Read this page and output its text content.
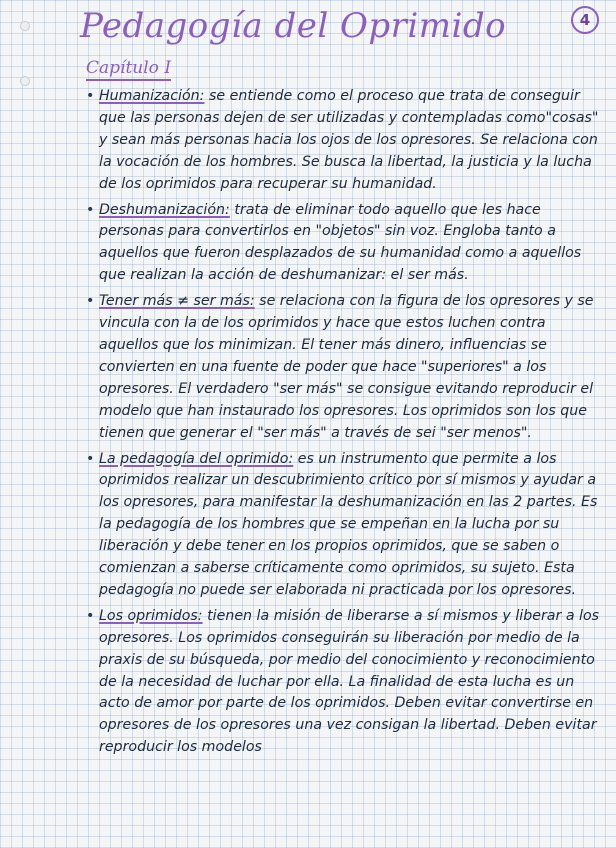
Pedagogía del Oprimido	4
Capítulo I

• Humanización: se entiende como el proceso que trata de conseguir que las personas dejen de ser utilizadas y contempladas como"cosas" y sean más personas hacia los ojos de los opresores. Se relaciona con la vocación de los hombres. Se busca la libertad, la justicia y la lucha de los oprimidos para recuperar su humanidad.

• Deshumanización: trata de eliminar todo aquello que les hace personas para convertirlos en "objetos" sin voz. Engloba tanto a aquellos que fueron desplazados de su humanidad como a aquellos que realizan la acción de deshumanizar: el ser más.

• Tener más ≠ ser más: se relaciona con la figura de los opresores y se vincula con la de los oprimidos y hace que estos luchen contra aquellos que los minimizan. El tener más dinero, influencias se convierten en una fuente de poder que hace "superiores" a los opresores. El verdadero "ser más" se consigue evitando reproducir el modelo que han instaurado los opresores. Los oprimidos son los que tienen que generar el "ser más" a través de sei "ser menos".

• La pedagogía del oprimido: es un instrumento que permite a los oprimidos realizar un descubrimiento crítico por sí mismos y ayudar a los opresores, para manifestar la deshumanización en las 2 partes. Es la pedagogía de los hombres que se empeñan en la lucha por su liberación y debe tener en los propios oprimidos, que se saben o comienzan a saberse críticamente como oprimidos, su sujeto. Esta pedagogía no puede ser elaborada ni practicada por los opresores.

• Los oprimidos: tienen la misión de liberarse a sí mismos y liberar a los opresores. Los oprimidos conseguirán su liberación por medio de la praxis de su búsqueda, por medio del conocimiento y reconocimiento de la necesidad de luchar por ella. La finalidad de esta lucha es un acto de amor por parte de los oprimidos. Deben evitar convertirse en opresores de los opresores una vez consigan la libertad. Deben evitar reproducir los modelos
